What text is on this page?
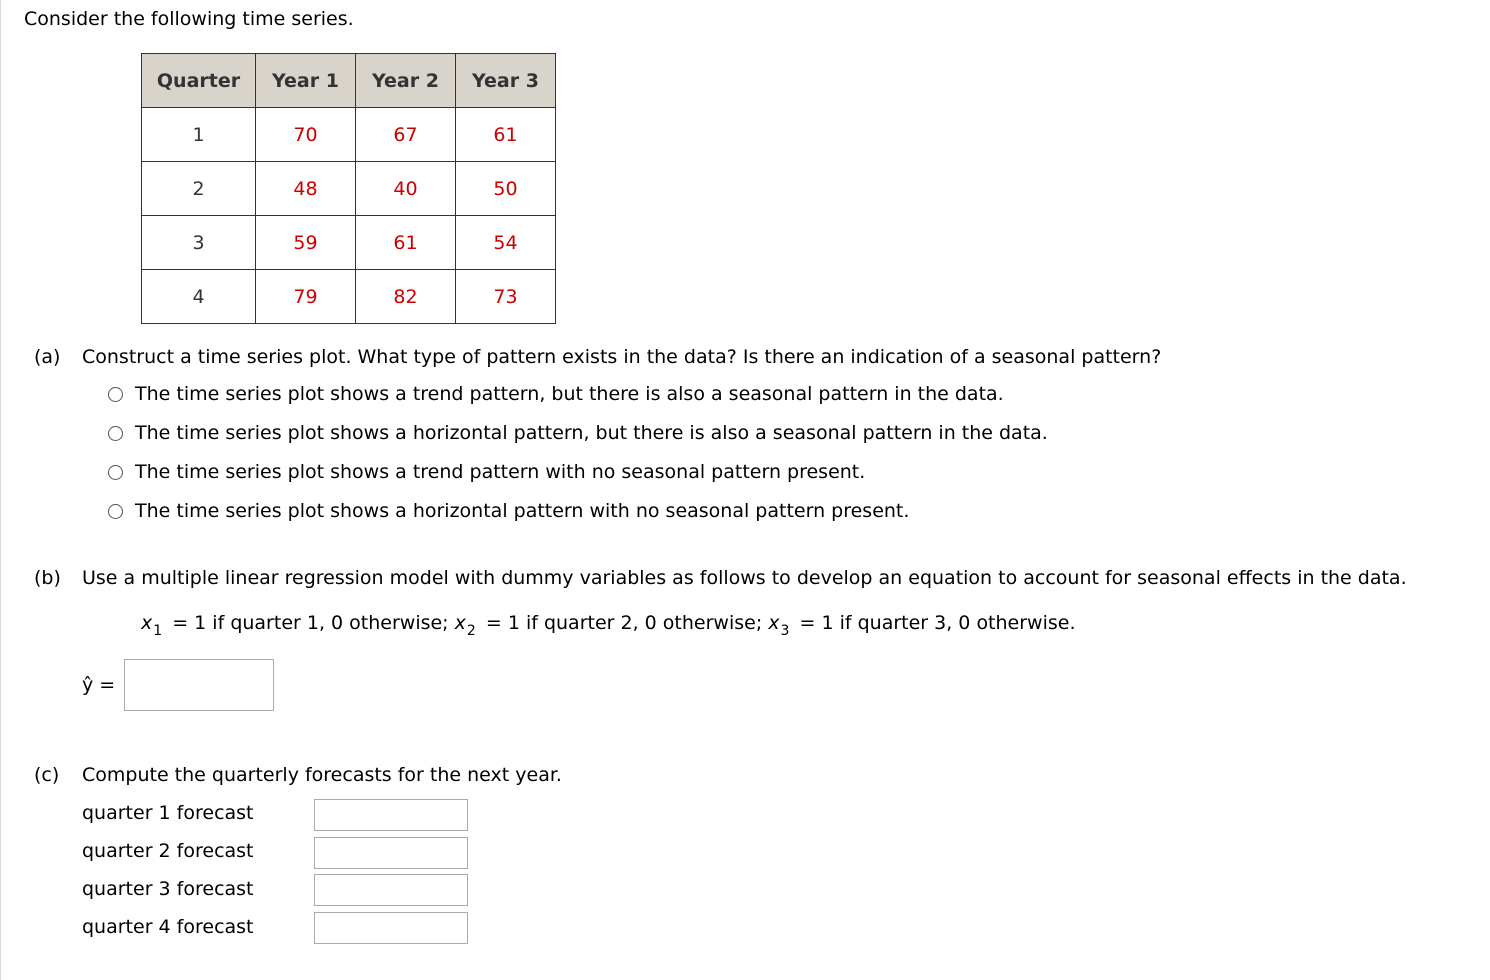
Consider the following time series.
Quarter	Year 1	Year 2	Year 3
1	70	67	61
2	48	40	50
3	59	61	54
4	79	82	73
(a) Construct a time series plot. What type of pattern exists in the data? Is there an indication of a seasonal pattern?
The time series plot shows a trend pattern, but there is also a seasonal pattern in the data.
The time series plot shows a horizontal pattern, but there is also a seasonal pattern in the data.
The time series plot shows a trend pattern with no seasonal pattern present.
The time series plot shows a horizontal pattern with no seasonal pattern present.
(b) Use a multiple linear regression model with dummy variables as follows to develop an equation to account for seasonal effects in the data.
$x_1 = 1$ if quarter 1, 0 otherwise; $x_2 = 1$ if quarter 2, 0 otherwise; $x_3 = 1$ if quarter 3, 0 otherwise.
ŷ =
(c) Compute the quarterly forecasts for the next year.
quarter 1 forecast
quarter 2 forecast
quarter 3 forecast
quarter 4 forecast
